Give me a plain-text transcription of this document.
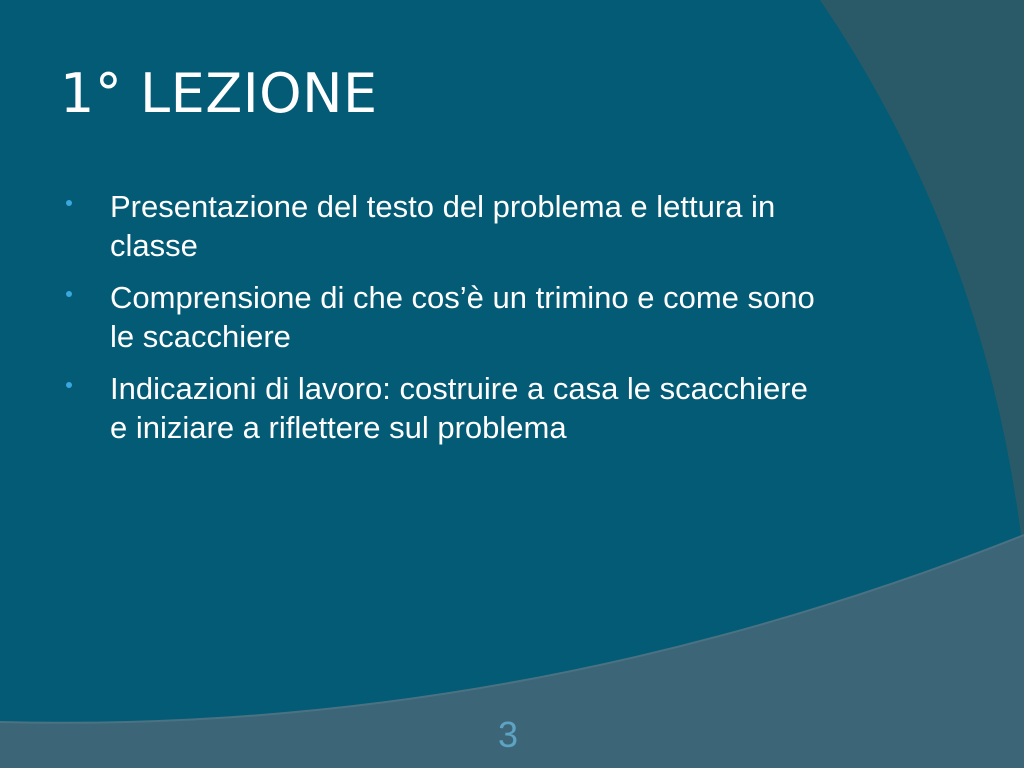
1° LEZIONE
Presentazione del testo del problema e lettura in classe
Comprensione di che cos’è un trimino e come sono le scacchiere
Indicazioni di lavoro: costruire a casa le scacchiere e iniziare a riflettere sul problema
3
